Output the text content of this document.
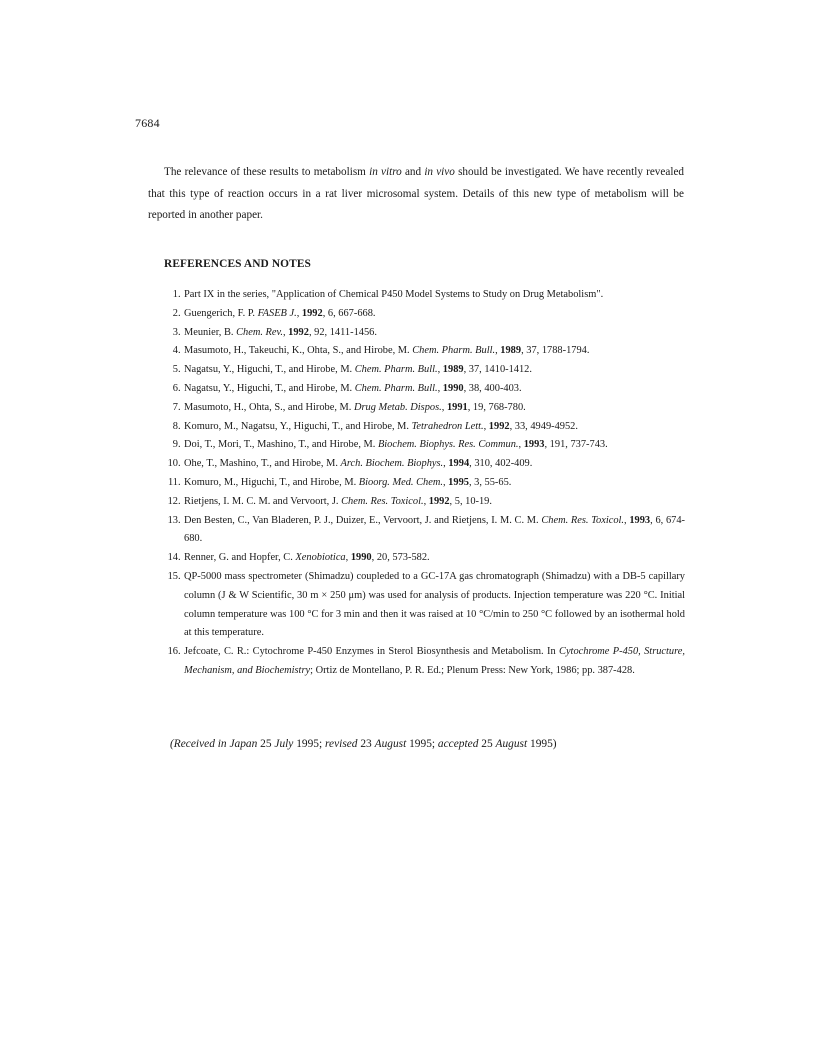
7684

The relevance of these results to metabolism in vitro and in vivo should be investigated. We have recently revealed that this type of reaction occurs in a rat liver microsomal system. Details of this new type of metabolism will be reported in another paper.

REFERENCES AND NOTES
1 . Part IX in the series, "Application of Chemical P450 Model Systems to Study on Drug Metabolism".
2 . Guengerich, F. P. FASEB J., 1992, 6, 667-668.
3 . Meunier, B. Chem. Rev., 1992, 92, 1411-1456.
4 . Masumoto, H., Takeuchi, K., Ohta, S., and Hirobe, M. Chem. Pharm. Bull., 1989, 37, 1788-1794.
5 . Nagatsu, Y., Higuchi, T., and Hirobe, M. Chem. Pharm. Bull., 1989, 37, 1410-1412.
6 . Nagatsu, Y., Higuchi, T., and Hirobe, M. Chem. Pharm. Bull., 1990, 38, 400-403.
7 . Masumoto, H., Ohta, S., and Hirobe, M. Drug Metab. Dispos., 1991, 19, 768-780.
8 . Komuro, M., Nagatsu, Y., Higuchi, T., and Hirobe, M. Tetrahedron Lett., 1992, 33, 4949-4952.
9 . Doi, T., Mori, T., Mashino, T., and Hirobe, M. Biochem. Biophys. Res. Commun., 1993, 191, 737-743.
10 . Ohe, T., Mashino, T., and Hirobe, M. Arch. Biochem. Biophys., 1994, 310, 402-409.
11 . Komuro, M., Higuchi, T., and Hirobe, M. Bioorg. Med. Chem., 1995, 3, 55-65.
12 . Rietjens, I. M. C. M. and Vervoort, J. Chem. Res. Toxicol., 1992, 5, 10-19.
13 . Den Besten, C., Van Bladeren, P. J., Duizer, E., Vervoort, J. and Rietjens, I. M. C. M. Chem. Res. Toxicol., 1993, 6, 674-680.
14 . Renner, G. and Hopfer, C. Xenobiotica, 1990, 20, 573-582.
15 . QP-5000 mass spectrometer (Shimadzu) coupleded to a GC-17A gas chromatograph (Shimadzu) with a DB-5 capillary column (J & W Scientific, 30 m × 250 μm) was used for analysis of products. Injection temperature was 220 °C. Initial column temperature was 100 °C for 3 min and then it was raised at 10 °C/min to 250 °C followed by an isothermal hold at this temperature.
16 . Jefcoate, C. R.: Cytochrome P-450 Enzymes in Sterol Biosynthesis and Metabolism. In Cytochrome P-450, Structure, Mechanism, and Biochemistry; Ortiz de Montellano, P. R. Ed.; Plenum Press: New York, 1986; pp. 387-428.
(Received in Japan 25 July 1995; revised 23 August 1995; accepted 25 August 1995)
